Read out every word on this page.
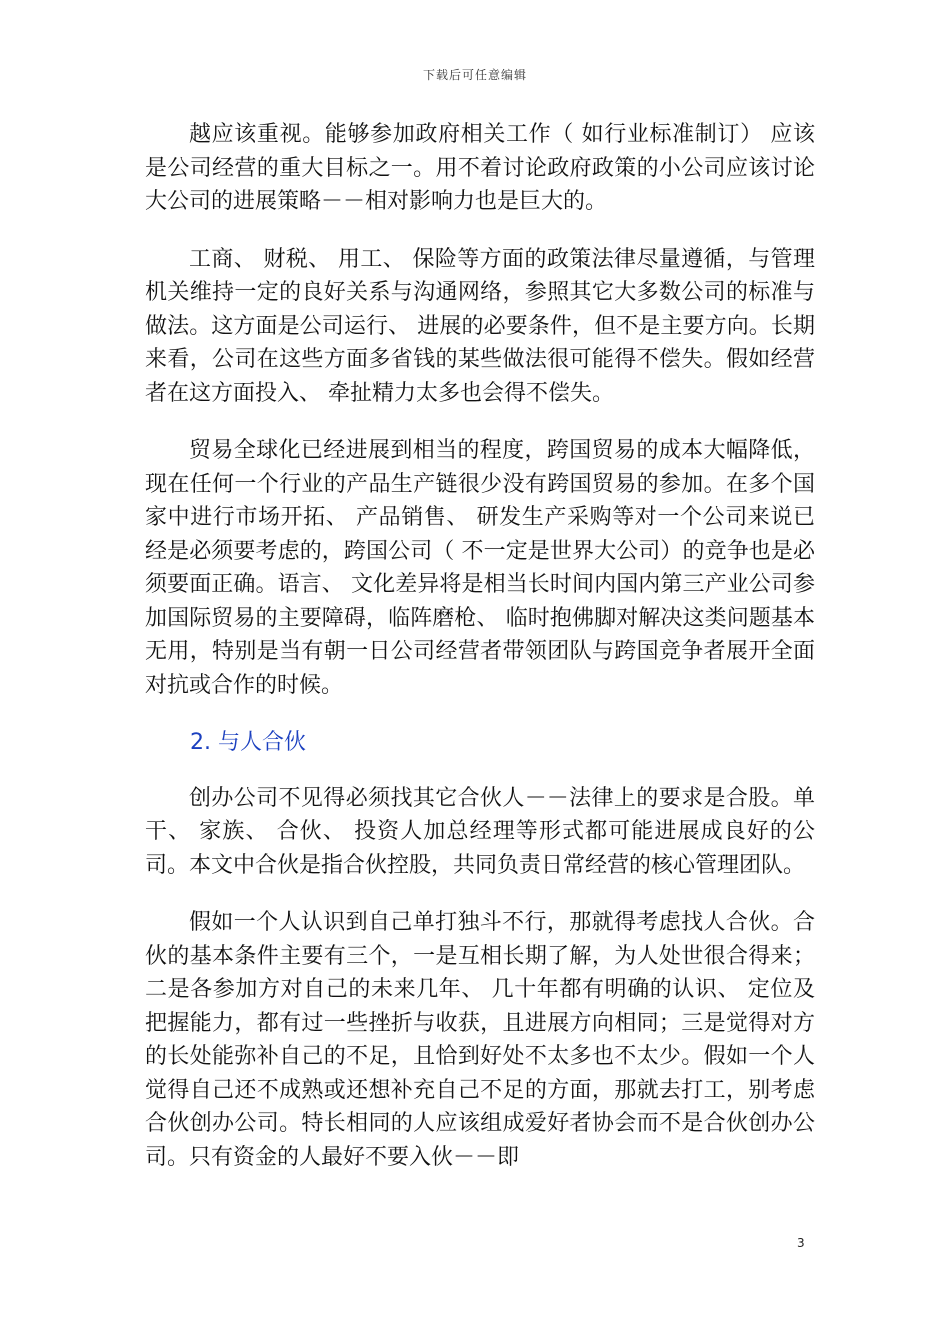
下载后可任意编辑

越应该重视。能够参加政府相关工作（ 如行业标准制订） 应该是公司经营的重大目标之一。用不着讨论政府政策的小公司应该讨论大公司的进展策略－－相对影响力也是巨大的。

工商、 财税、 用工、 保险等方面的政策法律尽量遵循，与管理机关维持一定的良好关系与沟通网络，参照其它大多数公司的标准与做法。这方面是公司运行、 进展的必要条件，但不是主要方向。长期来看，公司在这些方面多省钱的某些做法很可能得不偿失。假如经营者在这方面投入、 牵扯精力太多也会得不偿失。

贸易全球化已经进展到相当的程度，跨国贸易的成本大幅降低，现在任何一个行业的产品生产链很少没有跨国贸易的参加。在多个国家中进行市场开拓、 产品销售、 研发生产采购等对一个公司来说已经是必须要考虑的，跨国公司（ 不一定是世界大公司）的竞争也是必须要面正确。语言、 文化差异将是相当长时间内国内第三产业公司参加国际贸易的主要障碍，临阵磨枪、 临时抱佛脚对解决这类问题基本无用，特别是当有朝一日公司经营者带领团队与跨国竞争者展开全面对抗或合作的时候。

2. 与人合伙

创办公司不见得必须找其它合伙人－－法律上的要求是合股。单干、 家族、 合伙、 投资人加总经理等形式都可能进展成良好的公司。本文中合伙是指合伙控股，共同负责日常经营的核心管理团队。

假如一个人认识到自己单打独斗不行，那就得考虑找人合伙。合伙的基本条件主要有三个，一是互相长期了解，为人处世很合得来；二是各参加方对自己的未来几年、 几十年都有明确的认识、 定位及把握能力，都有过一些挫折与收获，且进展方向相同；三是觉得对方的长处能弥补自己的不足，且恰到好处不太多也不太少。假如一个人觉得自己还不成熟或还想补充自己不足的方面，那就去打工，别考虑合伙创办公司。特长相同的人应该组成爱好者协会而不是合伙创办公司。只有资金的人最好不要入伙－－即

3
